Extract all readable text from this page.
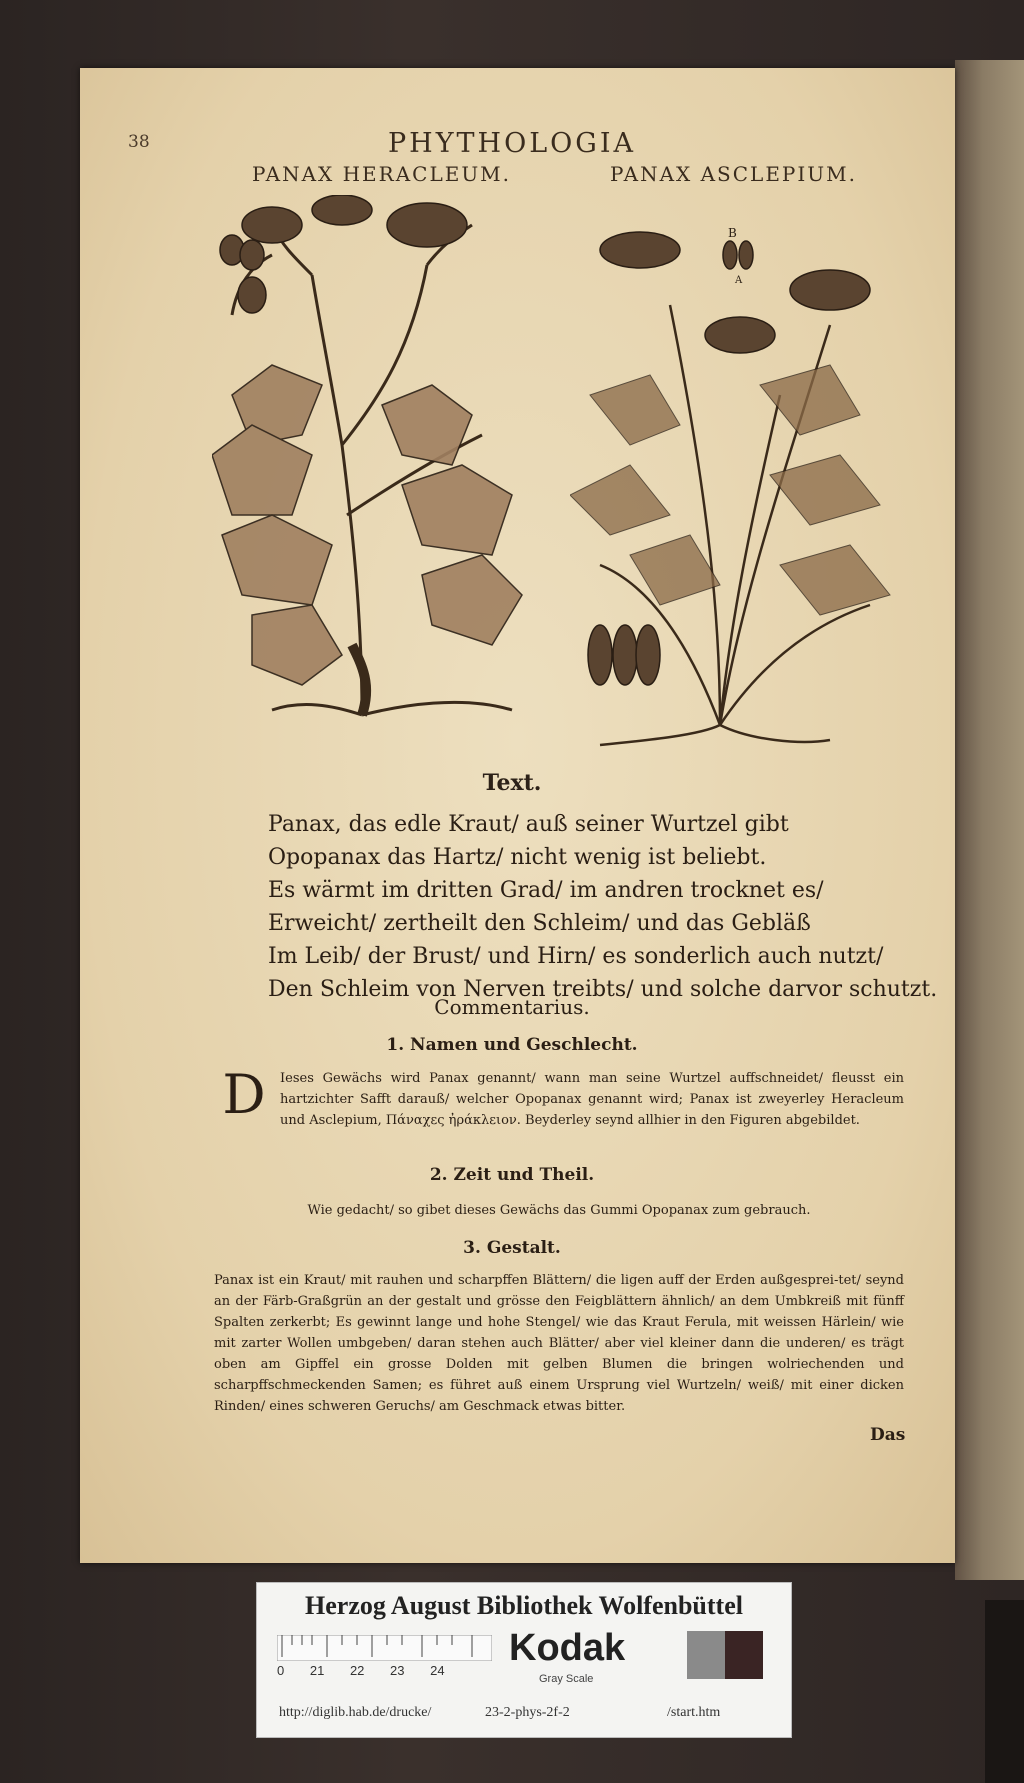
38	PHYTHOLOGIA
PANAX HERACLEUM.	PANAX ASCLEPIUM.
B
A
Text.
Panax, das edle Kraut/ auß seiner Wurtzel gibt
Opopanax das Hartz/ nicht wenig ist beliebt.
Es wärmt im dritten Grad/ im andren trocknet es/
Erweicht/ zertheilt den Schleim/ und das Gebläß
Im Leib/ der Brust/ und Hirn/ es sonderlich auch nutzt/
Den Schleim von Nerven treibts/ und solche darvor schutzt.
Commentarius.
1. Namen und Geschlecht.
D	Ieses Gewächs wird Panax genannt/ wann man seine Wurtzel auffschneidet/ fleusst ein hartzichter Safft darauß/ welcher Opopanax genannt wird; Panax ist zweyerley Heracleum und Asclepium, Πάναχες ἠράκλειον. Beyderley seynd allhier in den Figuren abgebildet.
2. Zeit und Theil.
Wie gedacht/ so gibet dieses Gewächs das Gummi Opopanax zum gebrauch.
3. Gestalt.
Panax ist ein Kraut/ mit rauhen und scharpffen Blättern/ die ligen auff der Erden außgesprei-tet/ seynd an der Färb-Graßgrün an der gestalt und grösse den Feigblättern ähnlich/ an dem Umbkreiß mit fünff Spalten zerkerbt; Es gewinnt lange und hohe Stengel/ wie das Kraut Ferula, mit weissen Härlein/ wie mit zarter Wollen umbgeben/ daran stehen auch Blätter/ aber viel kleiner dann die underen/ es trägt oben am Gipffel ein grosse Dolden mit gelben Blumen die bringen wolriechenden und scharpffschmeckenden Samen; es führet auß einem Ursprung viel Wurtzeln/ weiß/ mit einer dicken Rinden/ eines schweren Geruchs/ am Geschmack etwas bitter.
Das
Herzog August Bibliothek Wolfenbüttel
0 21 22 23 24
Kodak
Gray Scale
http://diglib.hab.de/drucke/	23-2-phys-2f-2	/start.htm
